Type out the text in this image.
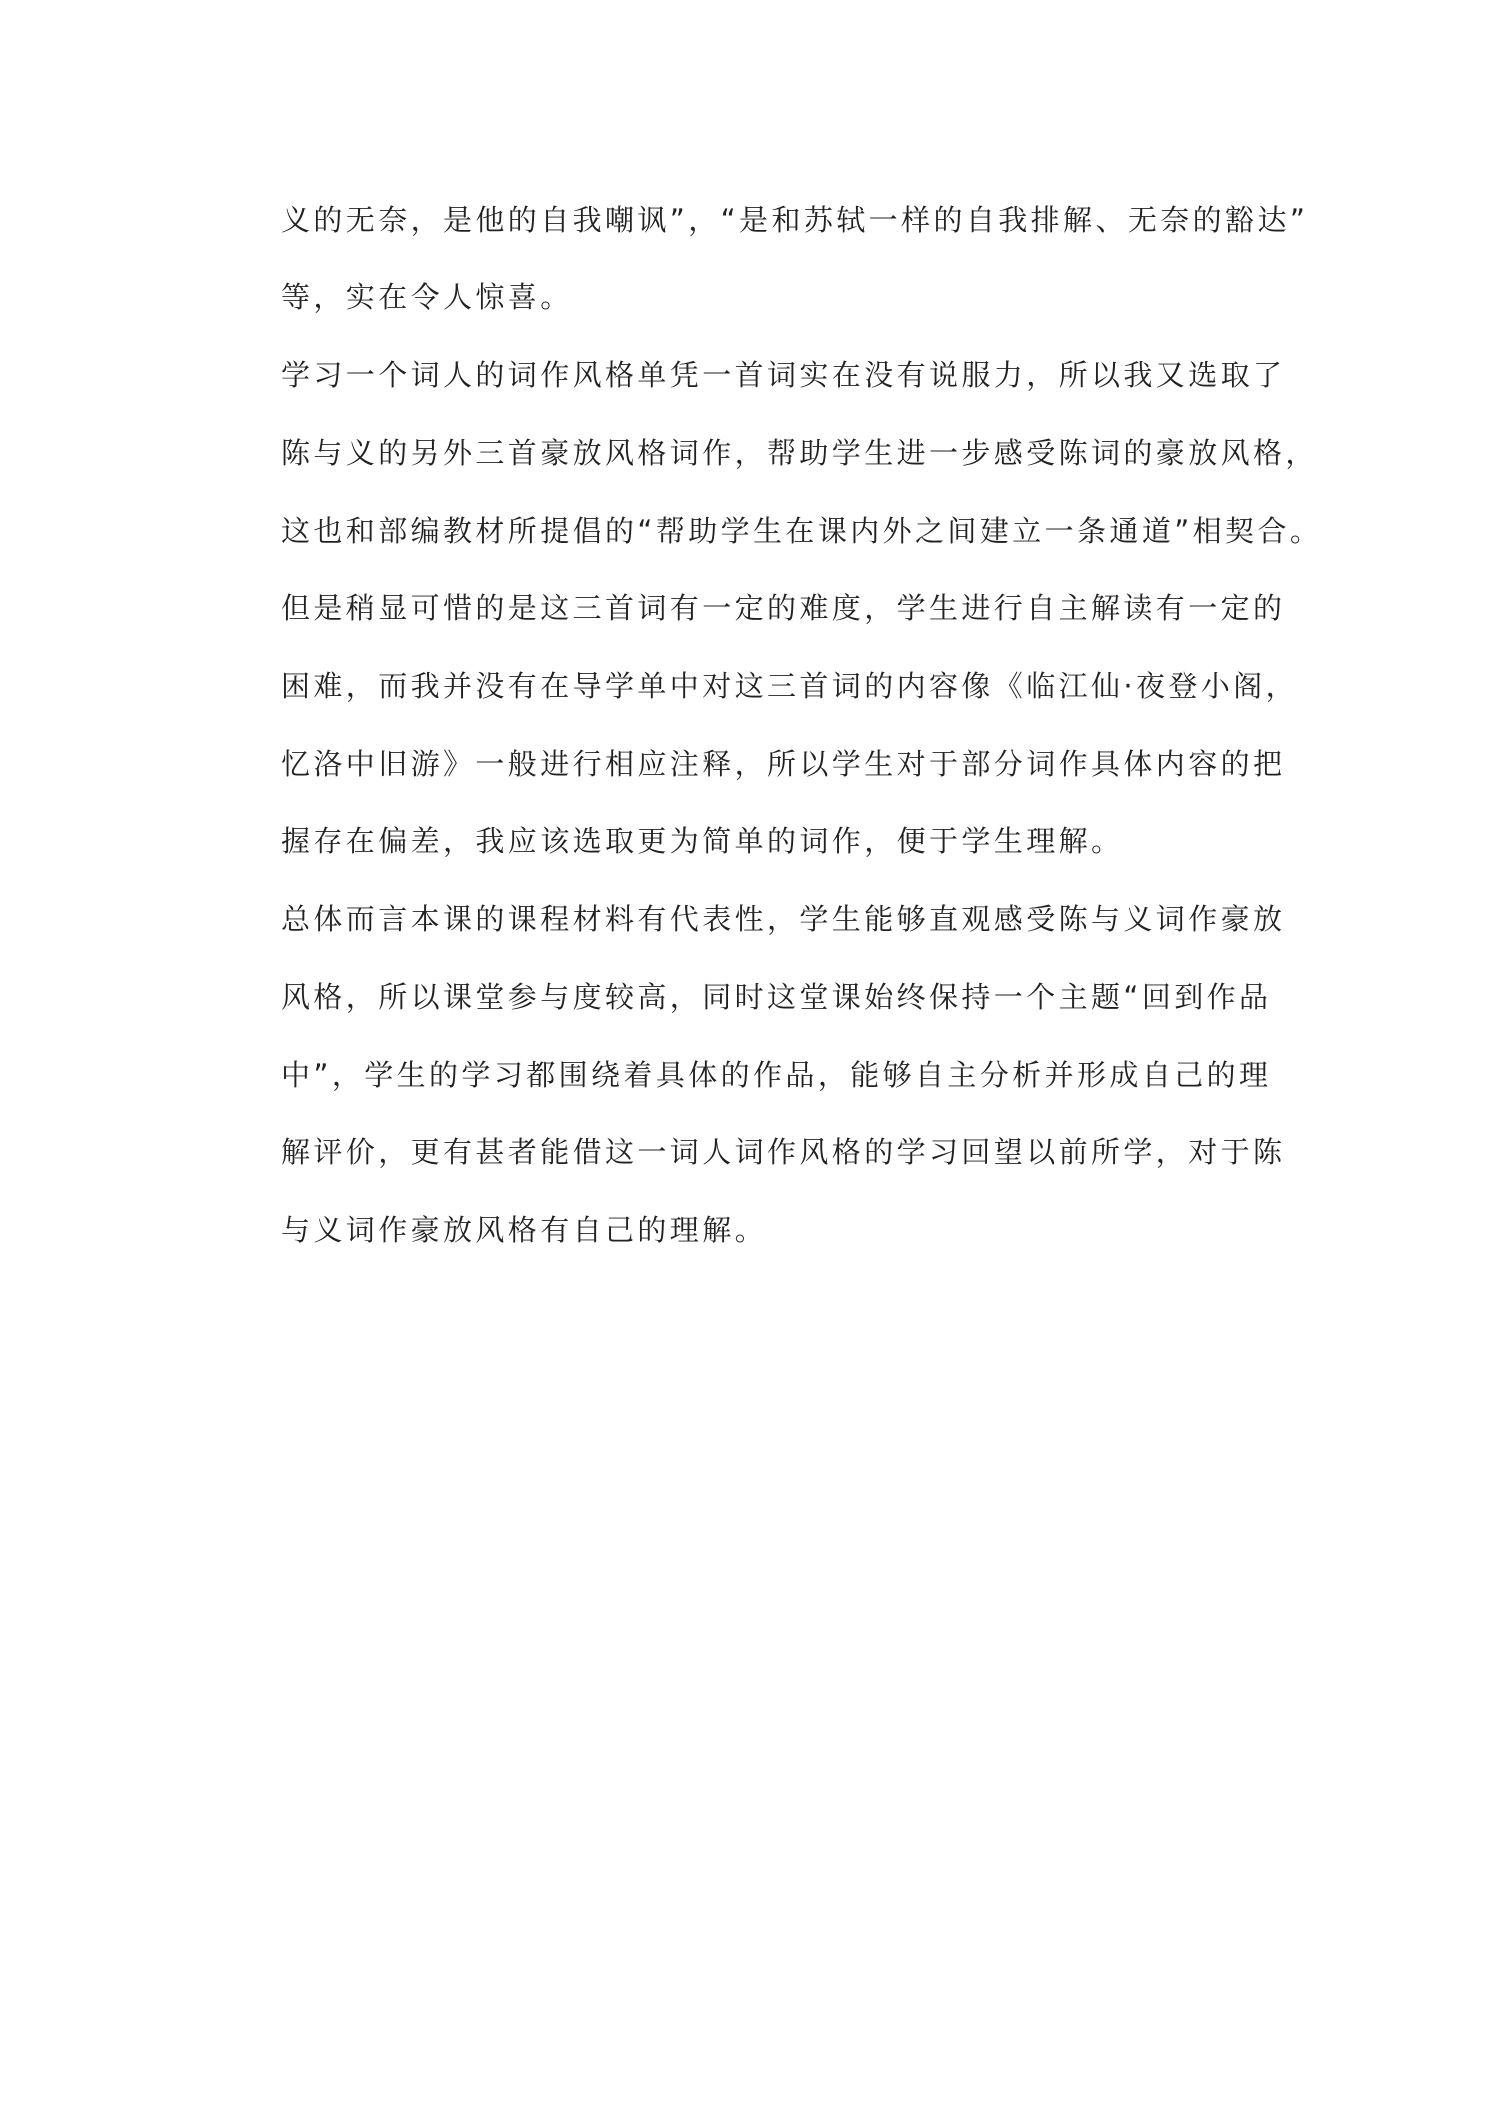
义的无奈，是他的自我嘲讽”，“是和苏轼一样的自我排解、无奈的豁达”
等，实在令人惊喜。
学习一个词人的词作风格单凭一首词实在没有说服力，所以我又选取了
陈与义的另外三首豪放风格词作，帮助学生进一步感受陈词的豪放风格，
这也和部编教材所提倡的“帮助学生在课内外之间建立一条通道”相契合。
但是稍显可惜的是这三首词有一定的难度，学生进行自主解读有一定的
困难，而我并没有在导学单中对这三首词的内容像《临江仙·夜登小阁，
忆洛中旧游》一般进行相应注释，所以学生对于部分词作具体内容的把
握存在偏差，我应该选取更为简单的词作，便于学生理解。
总体而言本课的课程材料有代表性，学生能够直观感受陈与义词作豪放
风格，所以课堂参与度较高，同时这堂课始终保持一个主题“回到作品
中”，学生的学习都围绕着具体的作品，能够自主分析并形成自己的理
解评价，更有甚者能借这一词人词作风格的学习回望以前所学，对于陈
与义词作豪放风格有自己的理解。
